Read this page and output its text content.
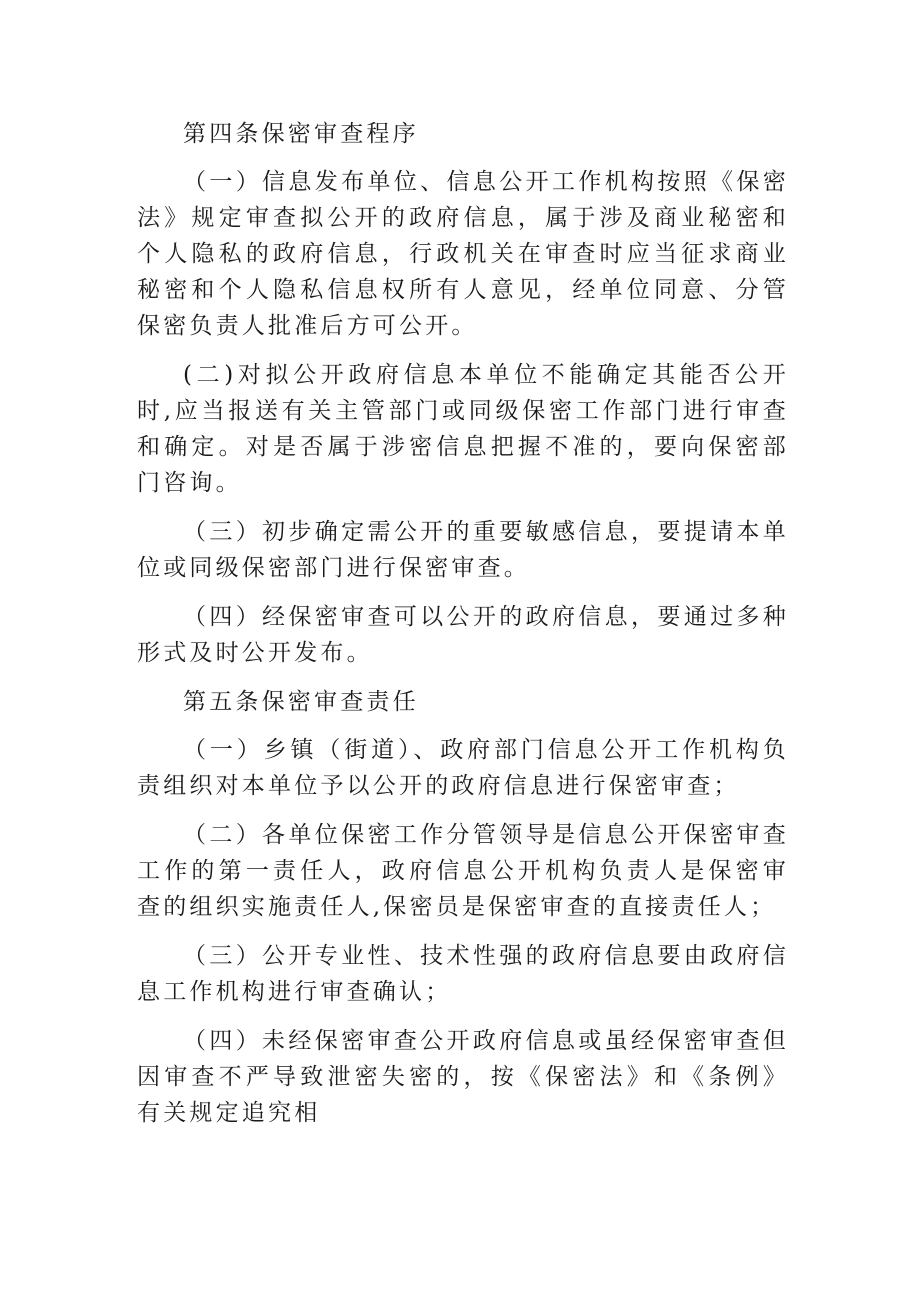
第四条保密审查程序

（一）信息发布单位、信息公开工作机构按照《保密法》规定审查拟公开的政府信息，属于涉及商业秘密和个人隐私的政府信息，行政机关在审查时应当征求商业秘密和个人隐私信息权所有人意见，经单位同意、分管保密负责人批准后方可公开。

(二)对拟公开政府信息本单位不能确定其能否公开时,应当报送有关主管部门或同级保密工作部门进行审查和确定。对是否属于涉密信息把握不准的，要向保密部门咨询。

（三）初步确定需公开的重要敏感信息，要提请本单位或同级保密部门进行保密审查。

（四）经保密审查可以公开的政府信息，要通过多种形式及时公开发布。

第五条保密审查责任

（一）乡镇（街道）、政府部门信息公开工作机构负责组织对本单位予以公开的政府信息进行保密审查；

（二）各单位保密工作分管领导是信息公开保密审查工作的第一责任人，政府信息公开机构负责人是保密审查的组织实施责任人,保密员是保密审查的直接责任人；

（三）公开专业性、技术性强的政府信息要由政府信息工作机构进行审查确认；

（四）未经保密审查公开政府信息或虽经保密审查但因审查不严导致泄密失密的，按《保密法》和《条例》有关规定追究相
